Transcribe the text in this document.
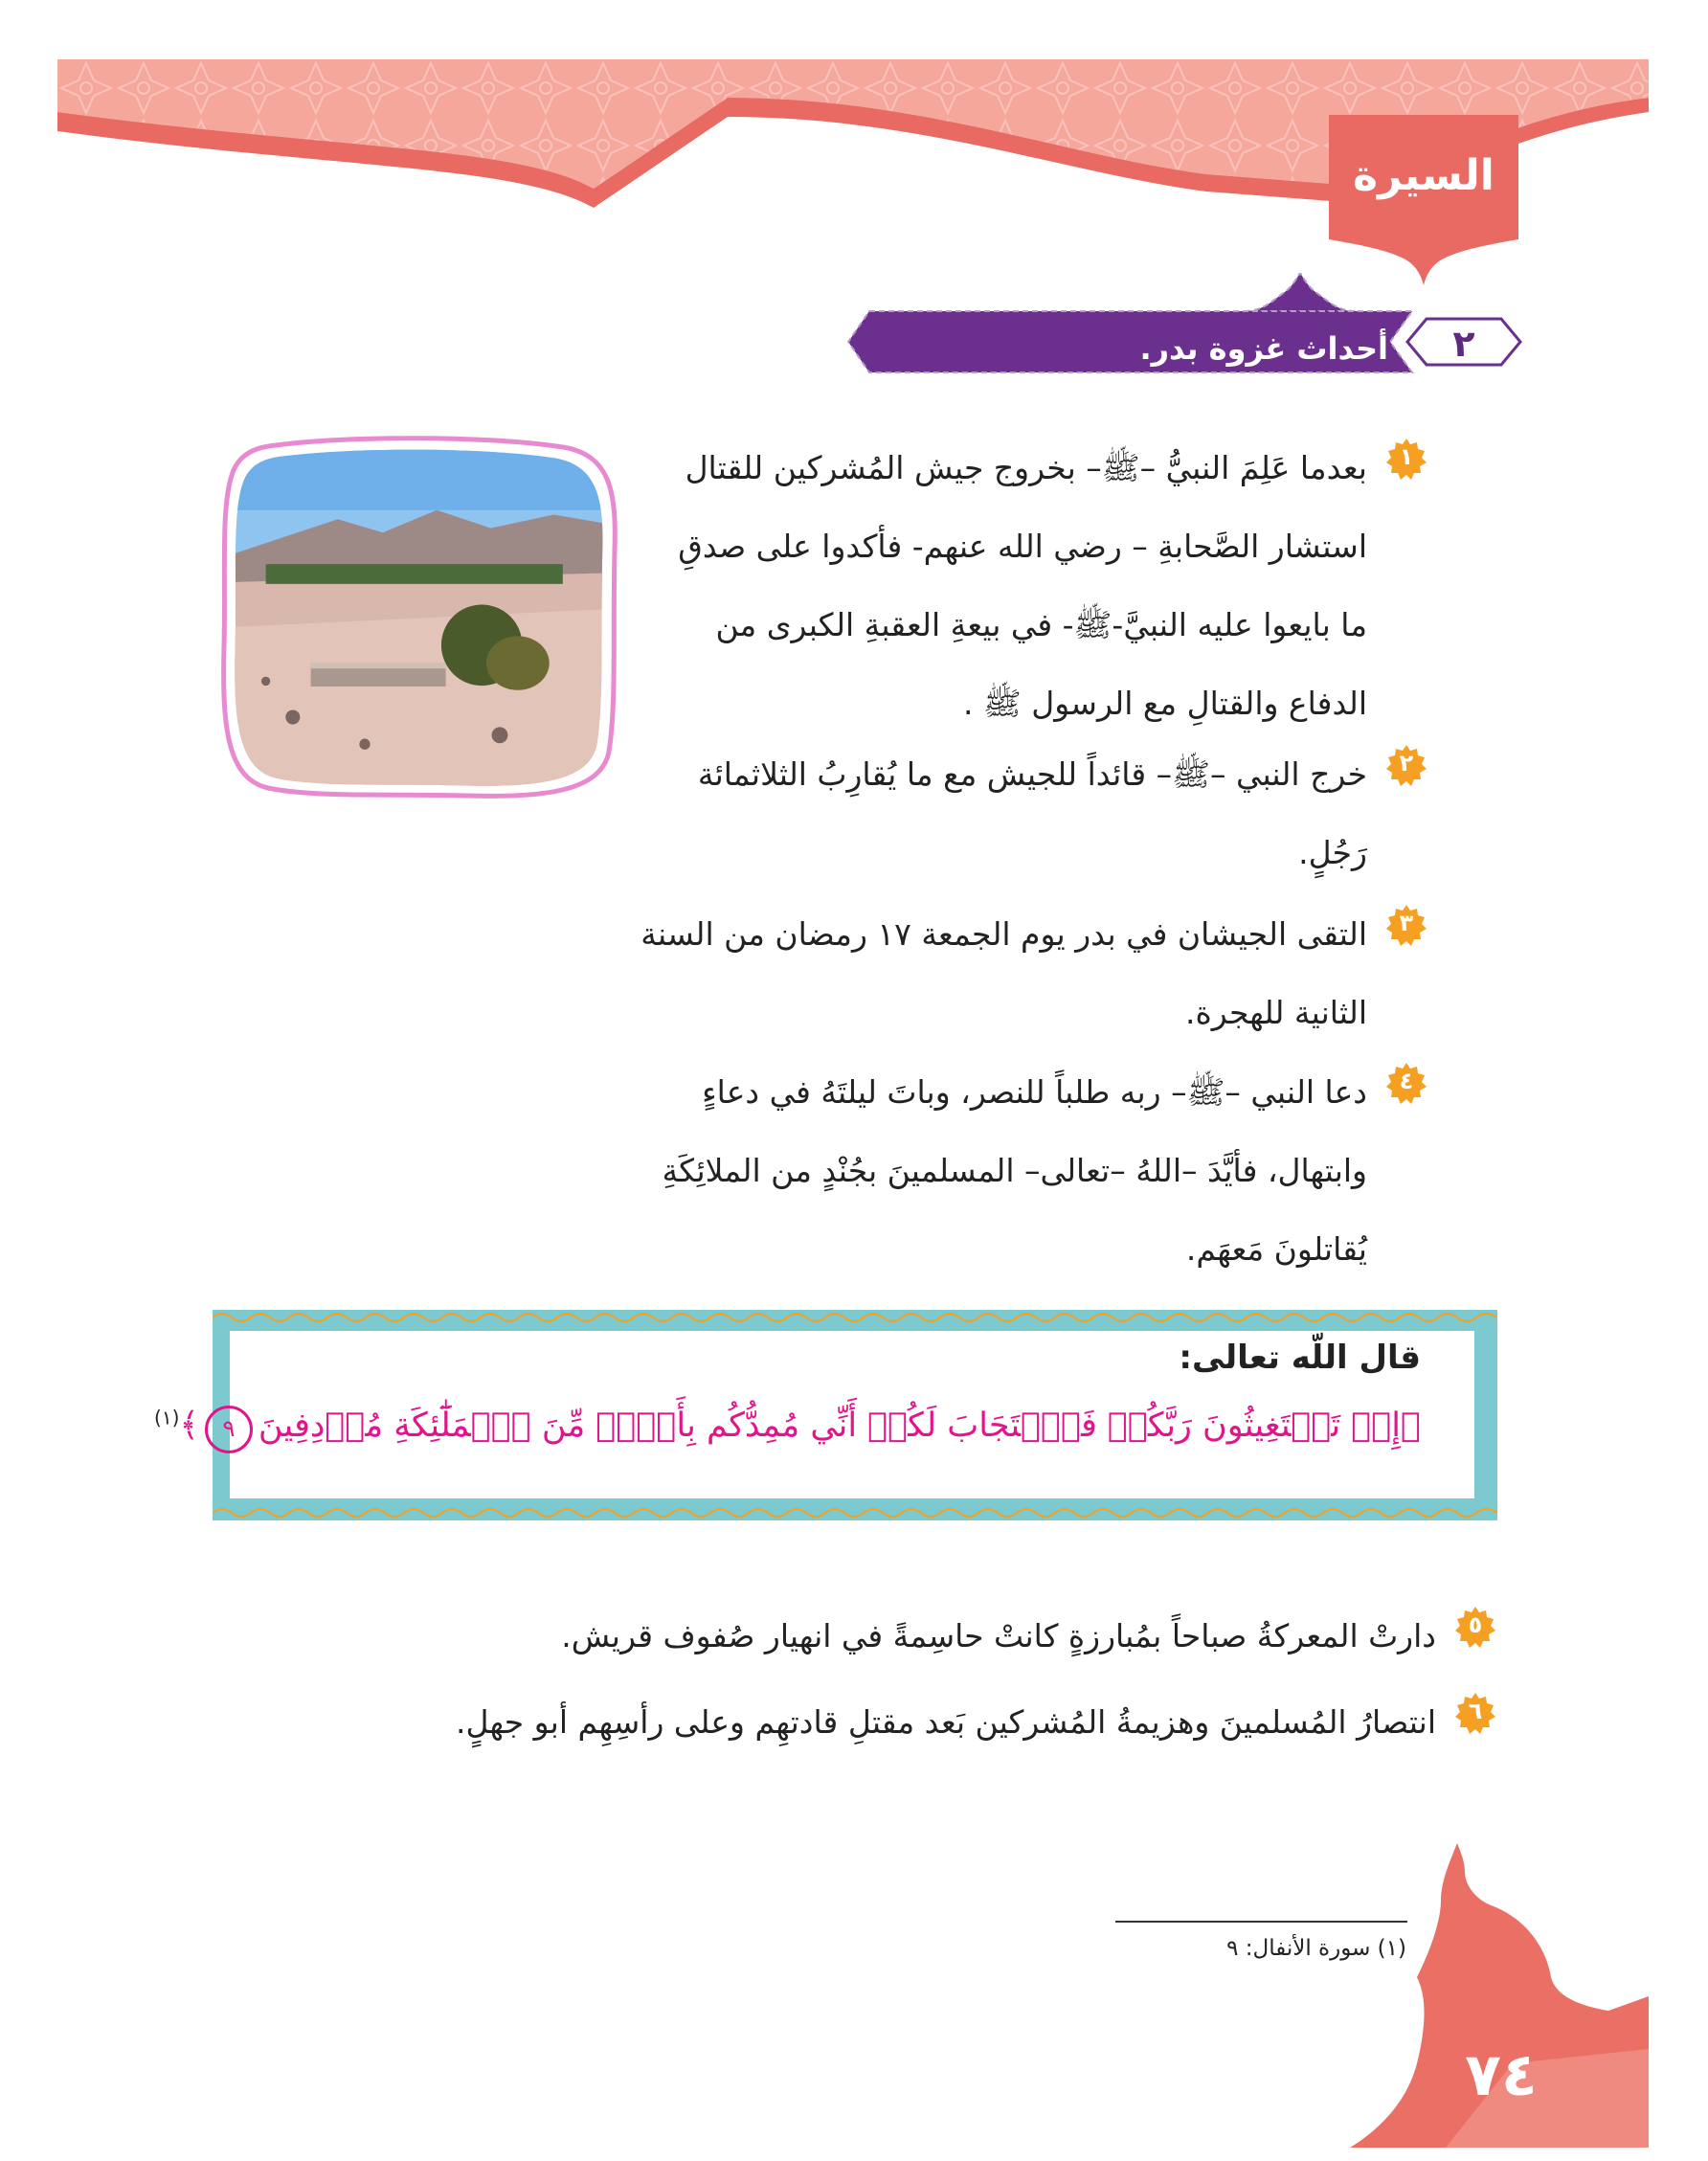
السيرة
أحداث غزوة بدر.	٢
١
بعدما عَلِمَ النبيُّ –ﷺ– بخروج جيش المُشركين للقتال
استشار الصَّحابةِ – رضي الله عنهم- فأكدوا على صدقِ
ما بايعوا عليه النبيَّ-ﷺ- في بيعةِ العقبةِ الكبرى من
الدفاع والقتالِ مع الرسول ﷺ .
٢
خرج النبي –ﷺ– قائداً للجيش مع ما يُقارِبُ الثلاثمائة
رَجُلٍ.
٣
التقى الجيشان في بدر يوم الجمعة ١٧ رمضان من السنة
الثانية للهجرة.
٤
دعا النبي –ﷺ– ربه طلباً للنصر، وباتَ ليلتَهُ في دعاءٍ
وابتهال، فأيَّدَ –اللهُ –تعالى– المسلمينَ بجُنْدٍ من الملائِكَةِ
يُقاتلونَ مَعهَم.
قال اللّه تعالى:
﴿إِذۡ تَسۡتَغِيثُونَ رَبَّكُمۡ فَٱسۡتَجَابَ لَكُمۡ أَنِّي مُمِدُّكُم بِأَلۡفٖ مِّنَ ٱلۡمَلَٰٓئِكَةِ مُرۡدِفِينَ٩﴾$^{(١)}$
٥
دارتْ المعركةُ صباحاً بمُبارزةٍ كانتْ حاسِمةً في انهيار صُفوف قريش.
٦
انتصارُ المُسلمينَ وهزيمةُ المُشركين بَعد مقتلِ قادتهِم وعلى رأسِهِم أبو جهلٍ.
(١) سورة الأنفال: ٩
٧٤
